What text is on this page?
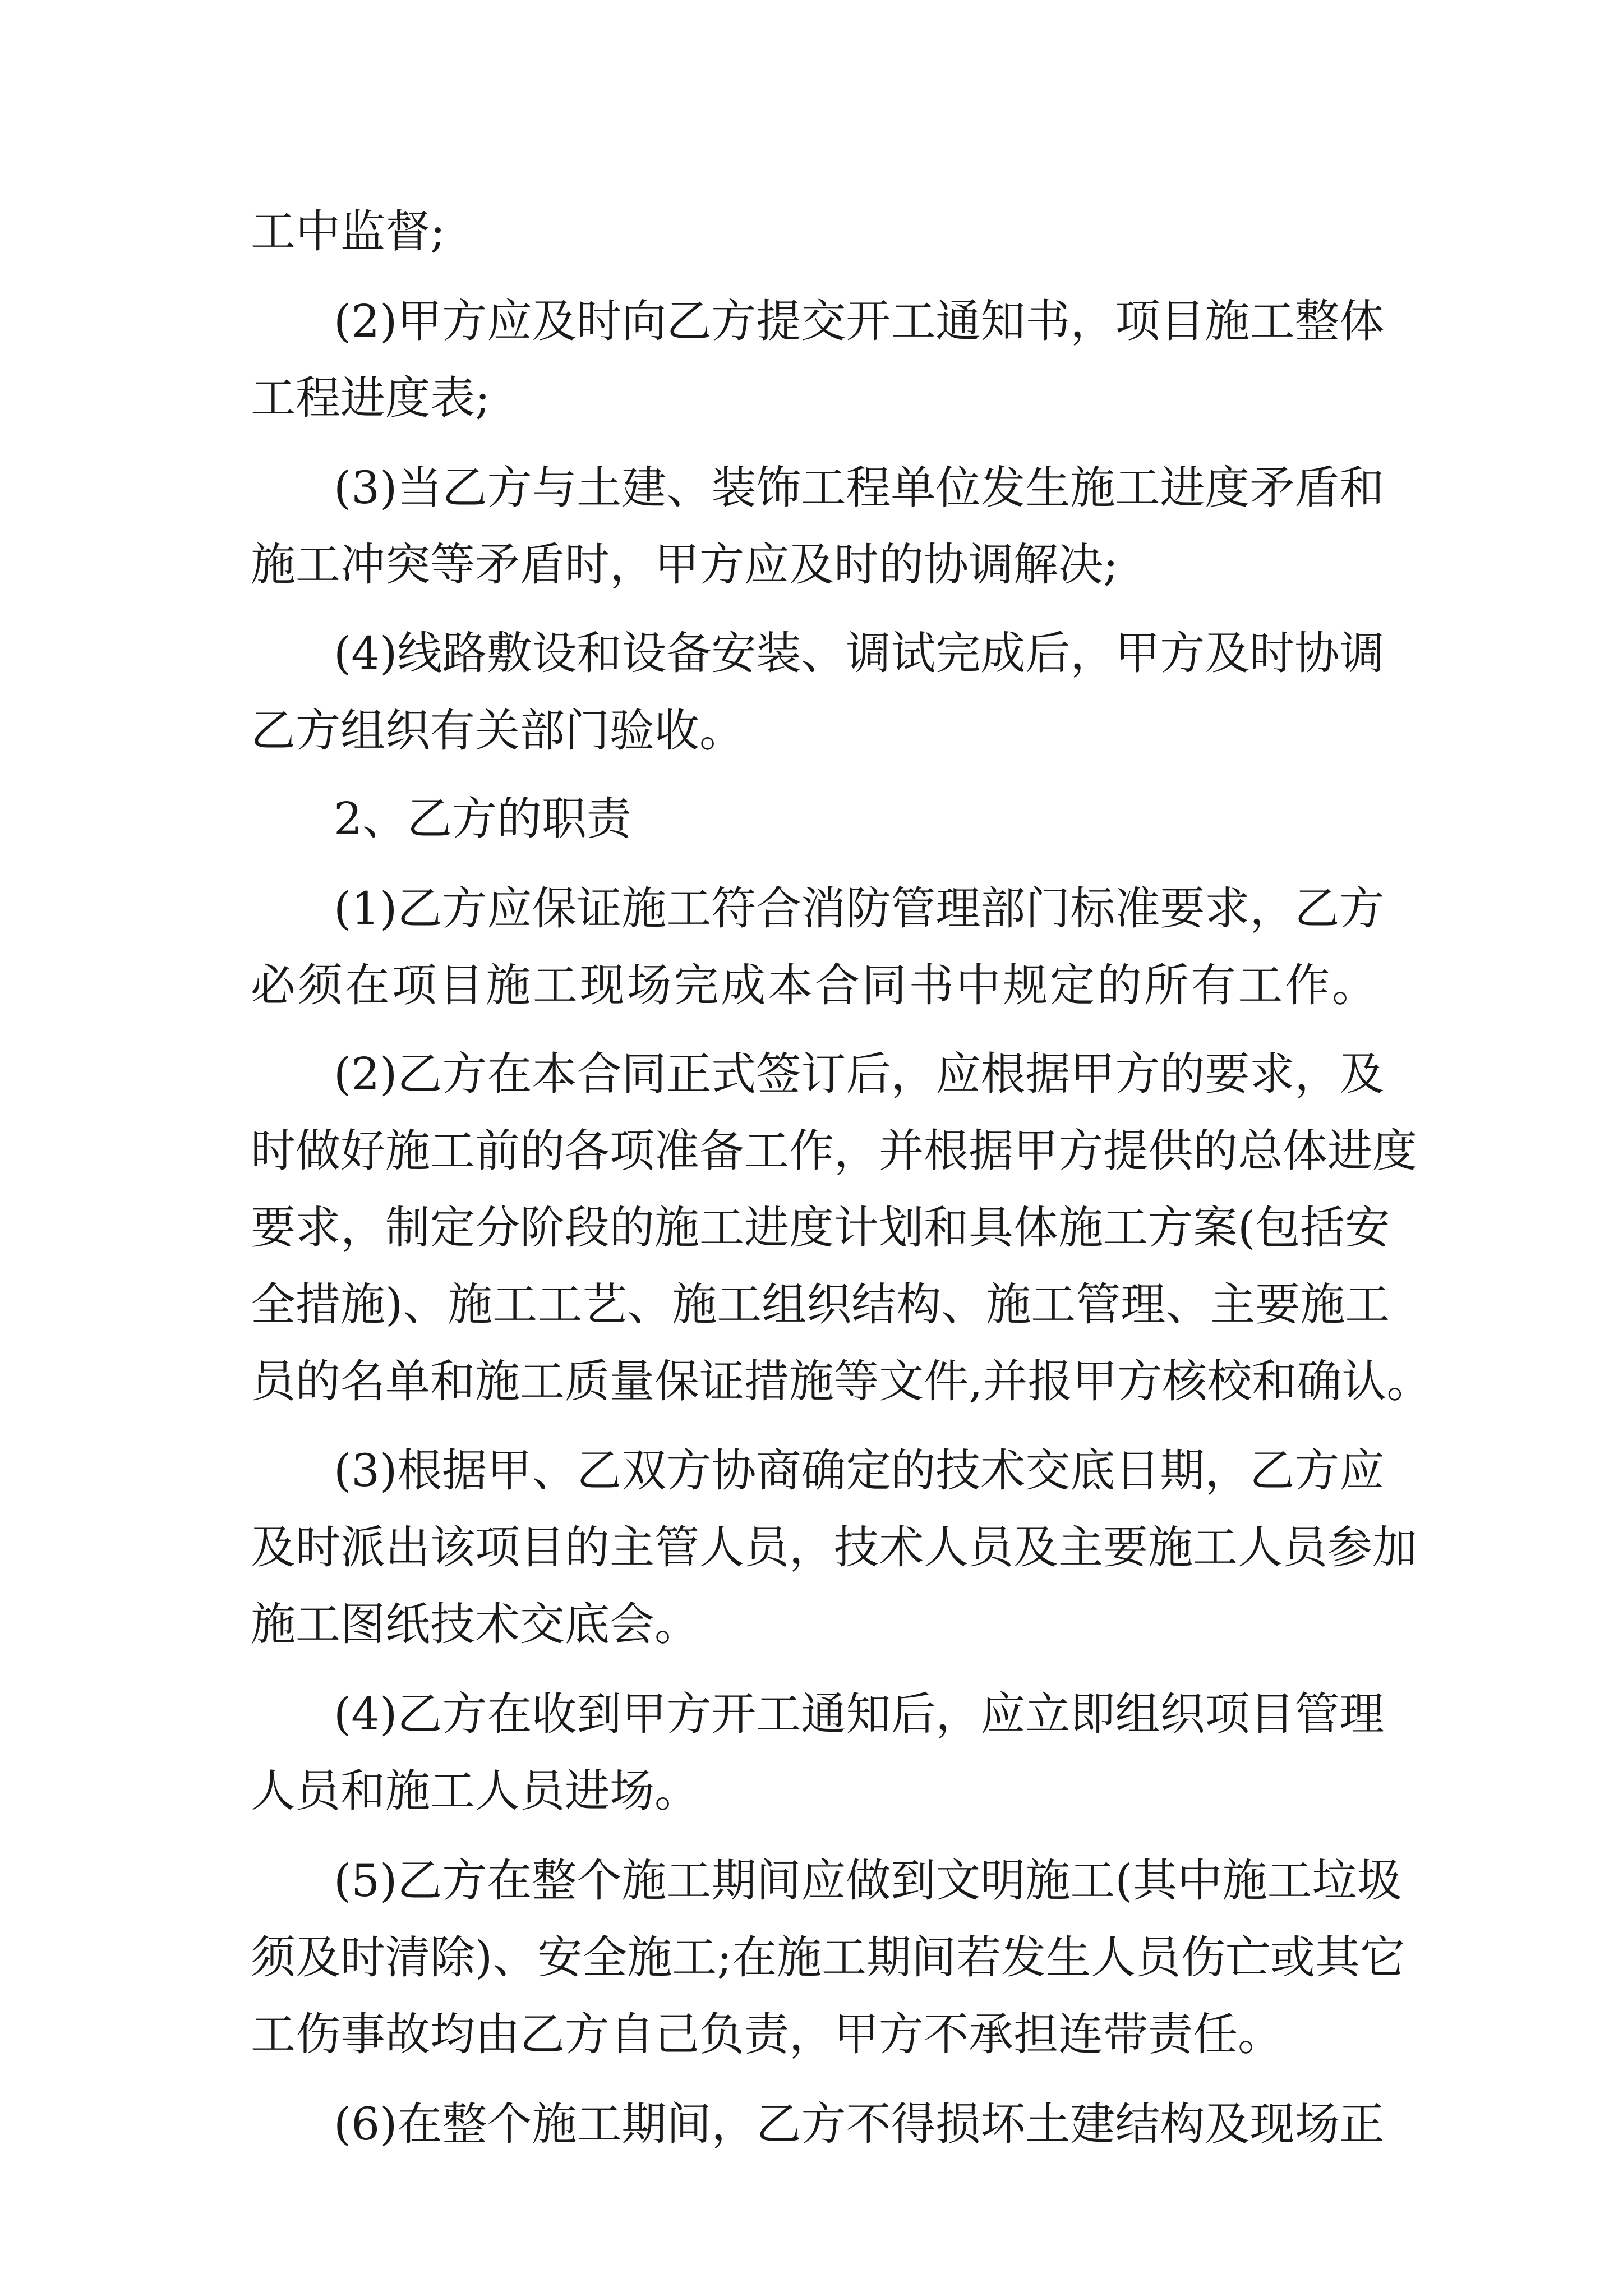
工中监督;
(2)甲方应及时向乙方提交开工通知书，项目施工整体
工程进度表;
(3)当乙方与土建、装饰工程单位发生施工进度矛盾和
施工冲突等矛盾时，甲方应及时的协调解决;
(4)线路敷设和设备安装、调试完成后，甲方及时协调
乙方组织有关部门验收。
2、乙方的职责
(1)乙方应保证施工符合消防管理部门标准要求，乙方
必须在项目施工现场完成本合同书中规定的所有工作。
(2)乙方在本合同正式签订后，应根据甲方的要求，及
时做好施工前的各项准备工作，并根据甲方提供的总体进度
要求，制定分阶段的施工进度计划和具体施工方案(包括安
全措施)、施工工艺、施工组织结构、施工管理、主要施工
员的名单和施工质量保证措施等文件,并报甲方核校和确认。
(3)根据甲、乙双方协商确定的技术交底日期，乙方应
及时派出该项目的主管人员，技术人员及主要施工人员参加
施工图纸技术交底会。
(4)乙方在收到甲方开工通知后，应立即组织项目管理
人员和施工人员进场。
(5)乙方在整个施工期间应做到文明施工(其中施工垃圾
须及时清除)、安全施工;在施工期间若发生人员伤亡或其它
工伤事故均由乙方自己负责，甲方不承担连带责任。
(6)在整个施工期间，乙方不得损坏土建结构及现场正
